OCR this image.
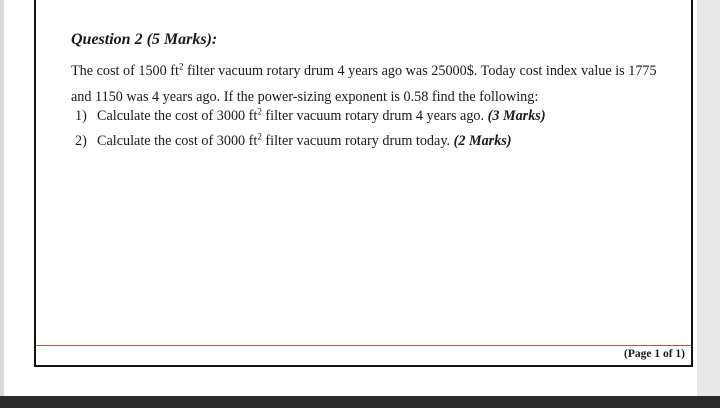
Question 2 (5 Marks):

The cost of 1500 $ft^2$ filter vacuum rotary drum 4 years ago was 25000$. Today cost index value is 1775 and 1150 was 4 years ago. If the power-sizing exponent is 0.58 find the following:

1) Calculate the cost of 3000 $ft^2$ filter vacuum rotary drum 4 years ago. (3 Marks)
2) Calculate the cost of 3000 $ft^2$ filter vacuum rotary drum today. (2 Marks)
(Page 1 of 1)
